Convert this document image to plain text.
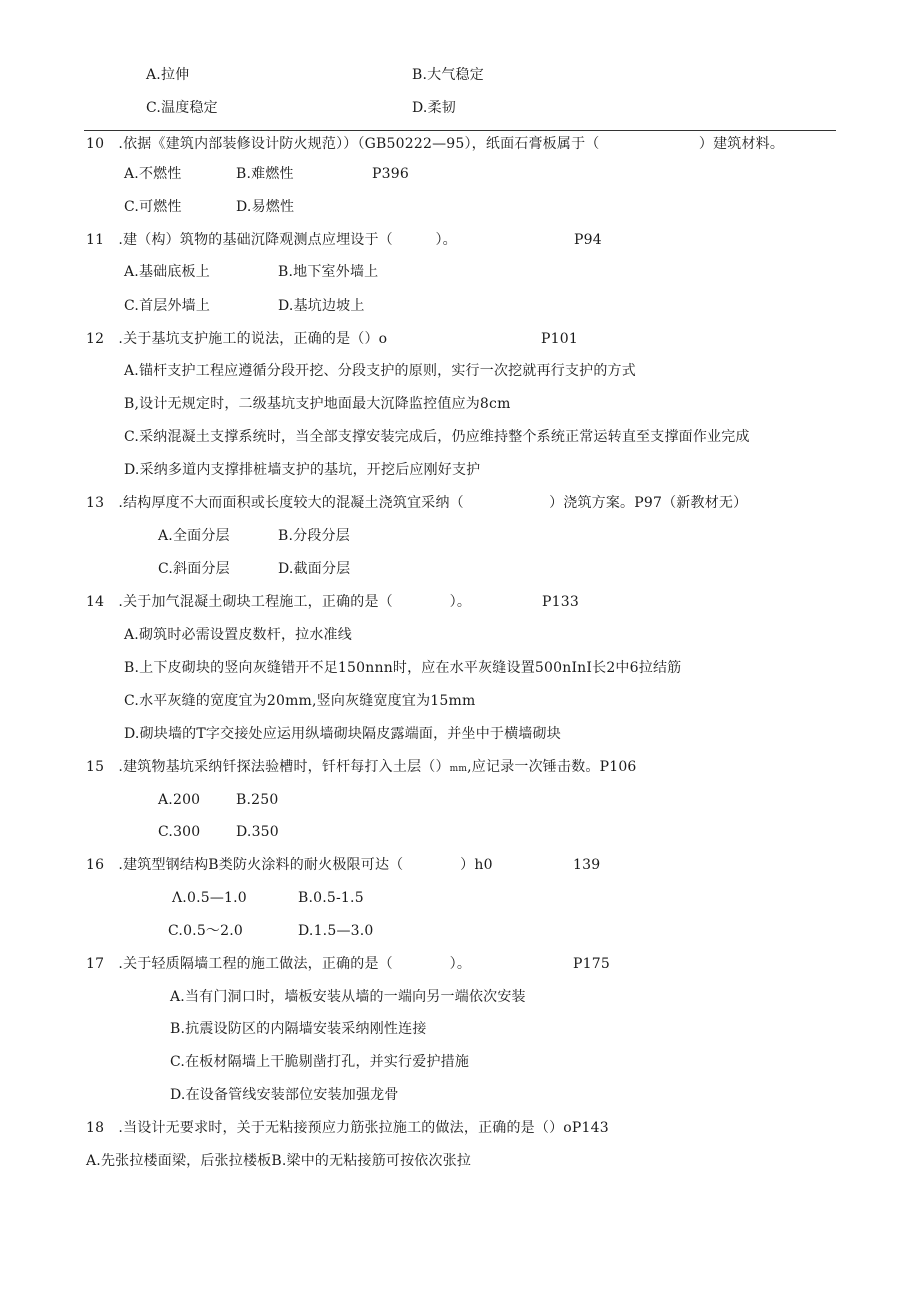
A.拉伸	B.大气稳定
C.温度稳定	D.柔韧
10　.依据《建筑内部装修设计防火规范））（GB50222—95），纸面石膏板属于（　　　　　　　）建筑材料。
A.不燃性	B.难燃性	P396
C.可燃性	D.易燃性
11　.建（构）筑物的基础沉降观测点应埋设于（　　　）。	P94
A.基础底板上	B.地下室外墙上
C.首层外墙上	D.基坑边坡上
12　.关于基坑支护施工的说法，正确的是（）o	P101
A.锚杆支护工程应遵循分段开挖、分段支护的原则，实行一次挖就再行支护的方式
B,设计无规定时，二级基坑支护地面最大沉降监控值应为8cm
C.采纳混凝土支撑系统时，当全部支撑安装完成后，仍应维持整个系统正常运转直至支撑面作业完成
D.采纳多道内支撑排桩墙支护的基坑，开挖后应刚好支护
13　.结构厚度不大而面积或长度较大的混凝土浇筑宜采纳（　　　　　　）浇筑方案。P97（新教材无）
A.全面分层	B.分段分层
C.斜面分层	D.截面分层
14　.关于加气混凝土砌块工程施工，正确的是（　　　　）。	P133
A.砌筑时必需设置皮数杆，拉水准线
B.上下皮砌块的竖向灰缝错开不足150nnn时，应在水平灰缝设置500nInI长2中6拉结筋
C.水平灰缝的宽度宜为20mm,竖向灰缝宽度宜为15mm
D.砌块墙的T字交接处应运用纵墙砌块隔皮露端面，并坐中于横墙砌块
15　.建筑物基坑采纳钎探法验槽时，钎杆每打入土层（）mm,应记录一次锤击数。P106
A.200	B.250
C.300	D.350
16　.建筑型钢结构B类防火涂料的耐火极限可达（　　　　）h0	139
Λ.0.5—1.0	B.0.5-1.5
C.0.5～2.0	D.1.5—3.0
17　.关于轻质隔墙工程的施工做法，正确的是（　　　　）。	P175
A.当有门洞口时，墙板安装从墙的一端向另一端依次安装
B.抗震设防区的内隔墙安装采纳刚性连接
C.在板材隔墙上干脆剔凿打孔，并实行爱护措施
D.在设备管线安装部位安装加强龙骨
18　.当设计无要求时，关于无粘接预应力筋张拉施工的做法，正确的是（）oP143
A.先张拉楼面梁，后张拉楼板B.梁中的无粘接筋可按依次张拉
